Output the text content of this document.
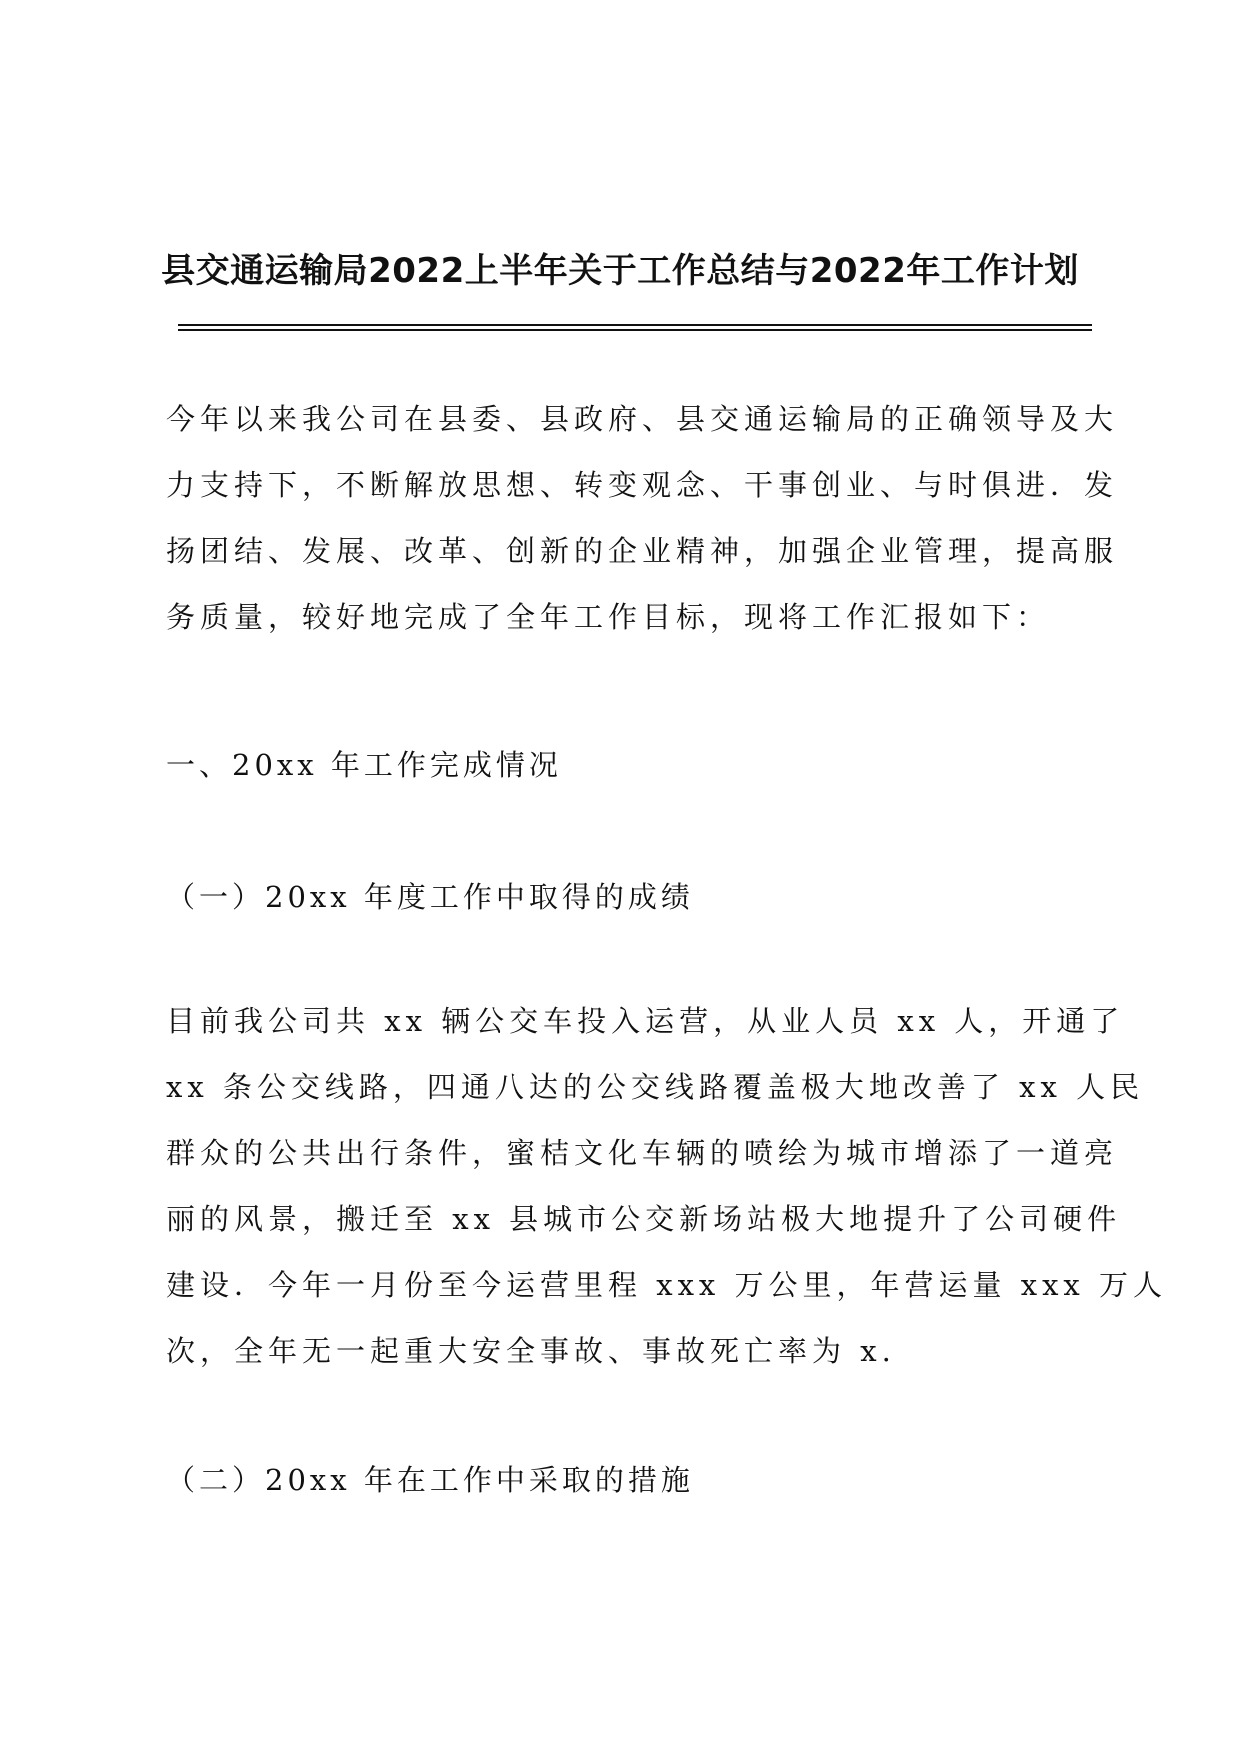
县交通运输局2022上半年关于工作总结与2022年工作计划
今年以来我公司在县委、县政府、县交通运输局的正确领导及大
力支持下，不断解放思想、转变观念、干事创业、与时俱进．发
扬团结、发展、改革、创新的企业精神，加强企业管理，提高服
务质量，较好地完成了全年工作目标，现将工作汇报如下：
一、20xx 年工作完成情况
（一）20xx 年度工作中取得的成绩
目前我公司共 xx 辆公交车投入运营，从业人员 xx 人，开通了
xx 条公交线路，四通八达的公交线路覆盖极大地改善了 xx 人民
群众的公共出行条件，蜜桔文化车辆的喷绘为城市增添了一道亮
丽的风景，搬迁至 xx 县城市公交新场站极大地提升了公司硬件
建设．今年一月份至今运营里程 xxx 万公里，年营运量 xxx 万人
次，全年无一起重大安全事故、事故死亡率为 x.
（二）20xx 年在工作中采取的措施
